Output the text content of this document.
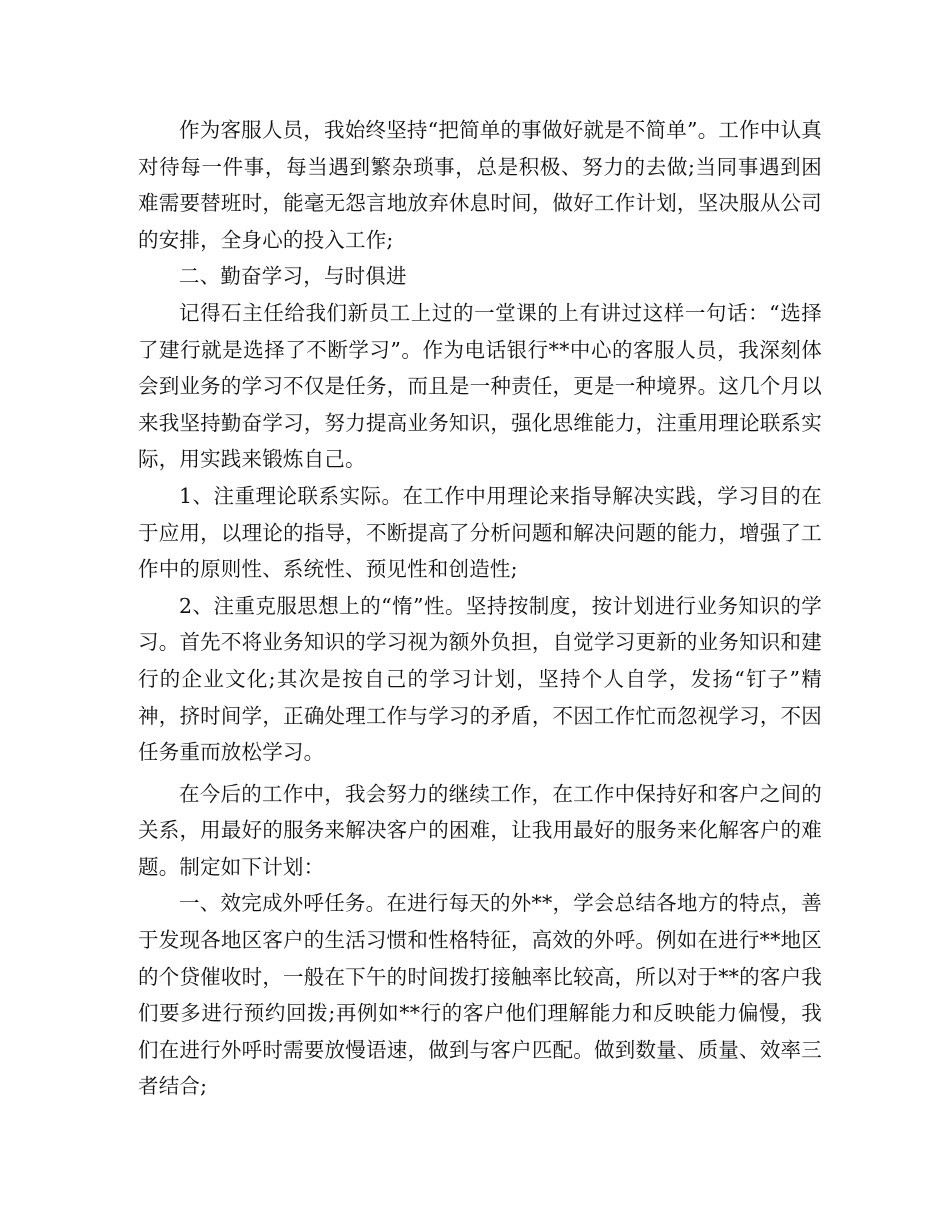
作为客服人员，我始终坚持“把简单的事做好就是不简单”。工作中认真对待每一件事，每当遇到繁杂琐事，总是积极、努力的去做;当同事遇到困难需要替班时，能毫无怨言地放弃休息时间，做好工作计划，坚决服从公司的安排，全身心的投入工作;

二、勤奋学习，与时俱进

记得石主任给我们新员工上过的一堂课的上有讲过这样一句话：“选择了建行就是选择了不断学习”。作为电话银行**中心的客服人员，我深刻体会到业务的学习不仅是任务，而且是一种责任，更是一种境界。这几个月以来我坚持勤奋学习，努力提高业务知识，强化思维能力，注重用理论联系实际，用实践来锻炼自己。

1、注重理论联系实际。在工作中用理论来指导解决实践，学习目的在于应用，以理论的指导，不断提高了分析问题和解决问题的能力，增强了工作中的原则性、系统性、预见性和创造性;

2、注重克服思想上的“惰”性。坚持按制度，按计划进行业务知识的学习。首先不将业务知识的学习视为额外负担，自觉学习更新的业务知识和建行的企业文化;其次是按自己的学习计划，坚持个人自学，发扬“钉子”精神，挤时间学，正确处理工作与学习的矛盾，不因工作忙而忽视学习，不因任务重而放松学习。

在今后的工作中，我会努力的继续工作，在工作中保持好和客户之间的关系，用最好的服务来解决客户的困难，让我用最好的服务来化解客户的难题。制定如下计划：

一、效完成外呼任务。在进行每天的外**，学会总结各地方的特点，善于发现各地区客户的生活习惯和性格特征，高效的外呼。例如在进行**地区的个贷催收时，一般在下午的时间拨打接触率比较高，所以对于**的客户我们要多进行预约回拨;再例如**行的客户他们理解能力和反映能力偏慢，我们在进行外呼时需要放慢语速，做到与客户匹配。做到数量、质量、效率三者结合;
